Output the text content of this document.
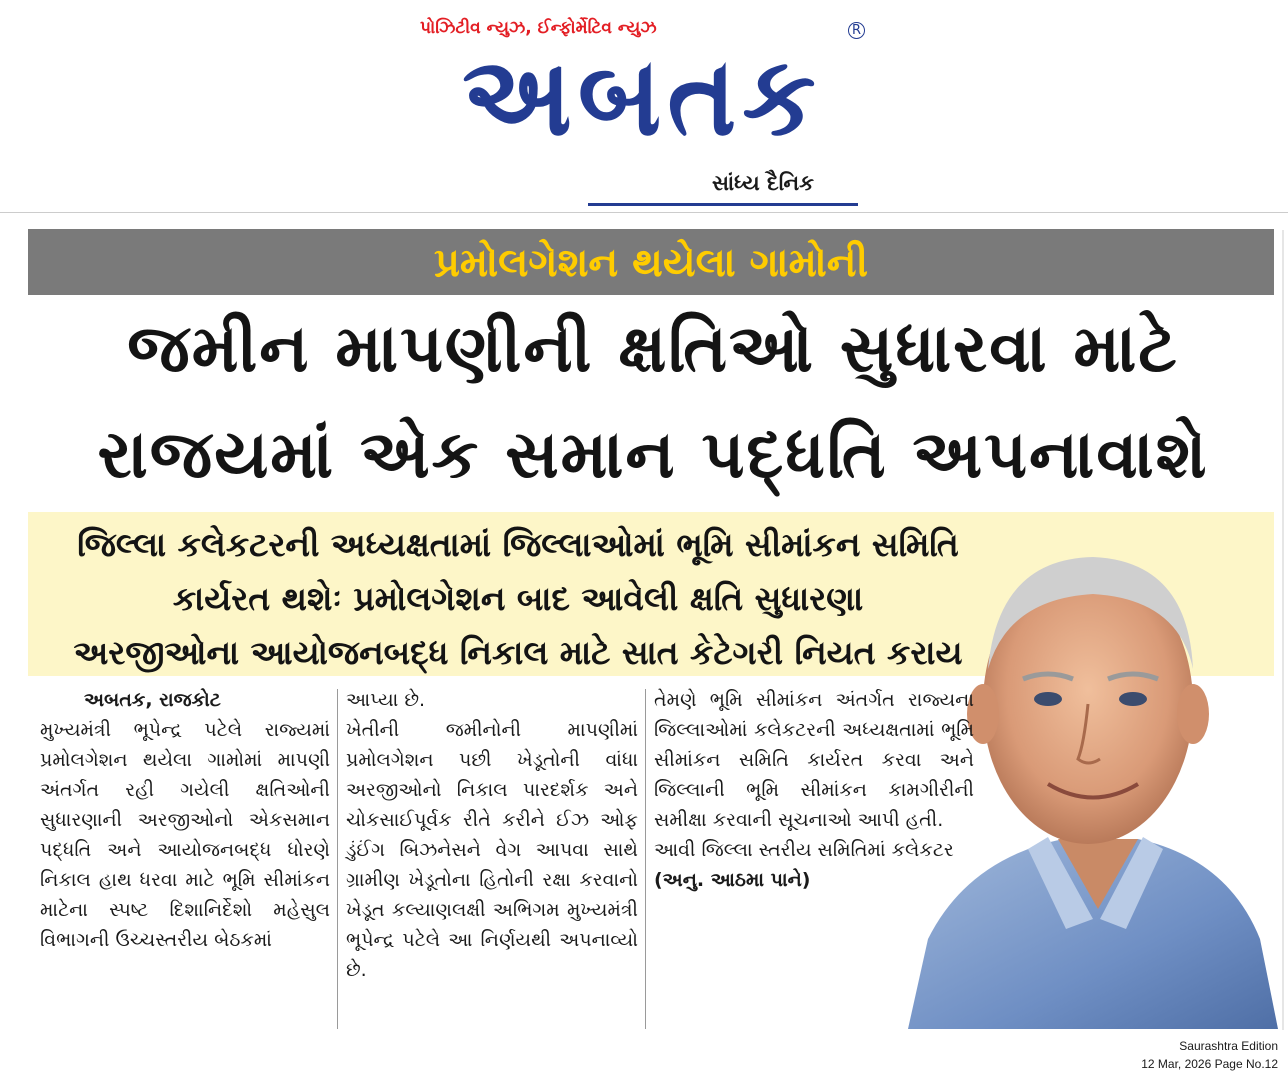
પોઝિટીવ ન્યુઝ, ઈન્ફોર્મેટિવ ન્યુઝ
અબતક
R
સાંધ્ય દૈનિક
પ્રમોલગેશન થયેલા ગામોની
જમીન માપણીની ક્ષતિઓ સુધારવા માટે
રાજયમાં એક સમાન પદ્ધતિ અપનાવાશે
જિલ્લા કલેકટરની અધ્યક્ષતામાં જિલ્લાઓમાં ભૂમિ સીમાંકન સમિતિ
કાર્યરત થશેઃ પ્રમોલગેશન બાદ આવેલી ક્ષતિ સુધારણા
અરજીઓના આયોજનબદ્ધ નિકાલ માટે સાત કેટેગરી નિયત કરાય
અબતક, રાજકોટ

મુખ્યમંત્રી ભૂપેન્દ્ર પટેલે રાજ્યમાં પ્રમોલગેશન થયેલા ગામોમાં માપણી અંતર્ગત રહી ગયેલી ક્ષતિઓની સુધારણાની અરજીઓનો એકસમાન પદ્ધતિ અને આયોજનબદ્ધ ધોરણે નિકાલ હાથ ધરવા માટે ભૂમિ સીમાંકન માટેના સ્પષ્ટ દિશાનિર્દેશો મહેસુલ વિભાગની ઉચ્ચસ્તરીય બેઠકમાં

આપ્યા છે.

ખેતીની જમીનોની માપણીમાં પ્રમોલગેશન પછી ખેડૂતોની વાંધા અરજીઓનો નિકાલ પારદર્શક અને ચોકસાઈપૂર્વક રીતે કરીને ઈઝ ઓફ ડુંઈંગ બિઝનેસને વેગ આપવા સાથે ગ્રામીણ ખેડૂતોના હિતોની રક્ષા કરવાનો ખેડૂત કલ્યાણલક્ષી અભિગમ મુખ્યમંત્રી ભૂપેન્દ્ર પટેલે આ નિર્ણયથી અપનાવ્યો છે.

તેમણે ભૂમિ સીમાંકન અંતર્ગત રાજ્યના જિલ્લાઓમાં કલેકટરની અધ્યક્ષતામાં ભૂમિ સીમાંકન સમિતિ કાર્યરત કરવા અને જિલ્લાની ભૂમિ સીમાંકન કામગીરીની સમીક્ષા કરવાની સૂચનાઓ આપી હતી.

આવી જિલ્લા સ્તરીય સમિતિમાં કલેકટર

(અનુ. આઠમા પાને)

Saurashtra Edition
12 Mar, 2026 Page No.12
